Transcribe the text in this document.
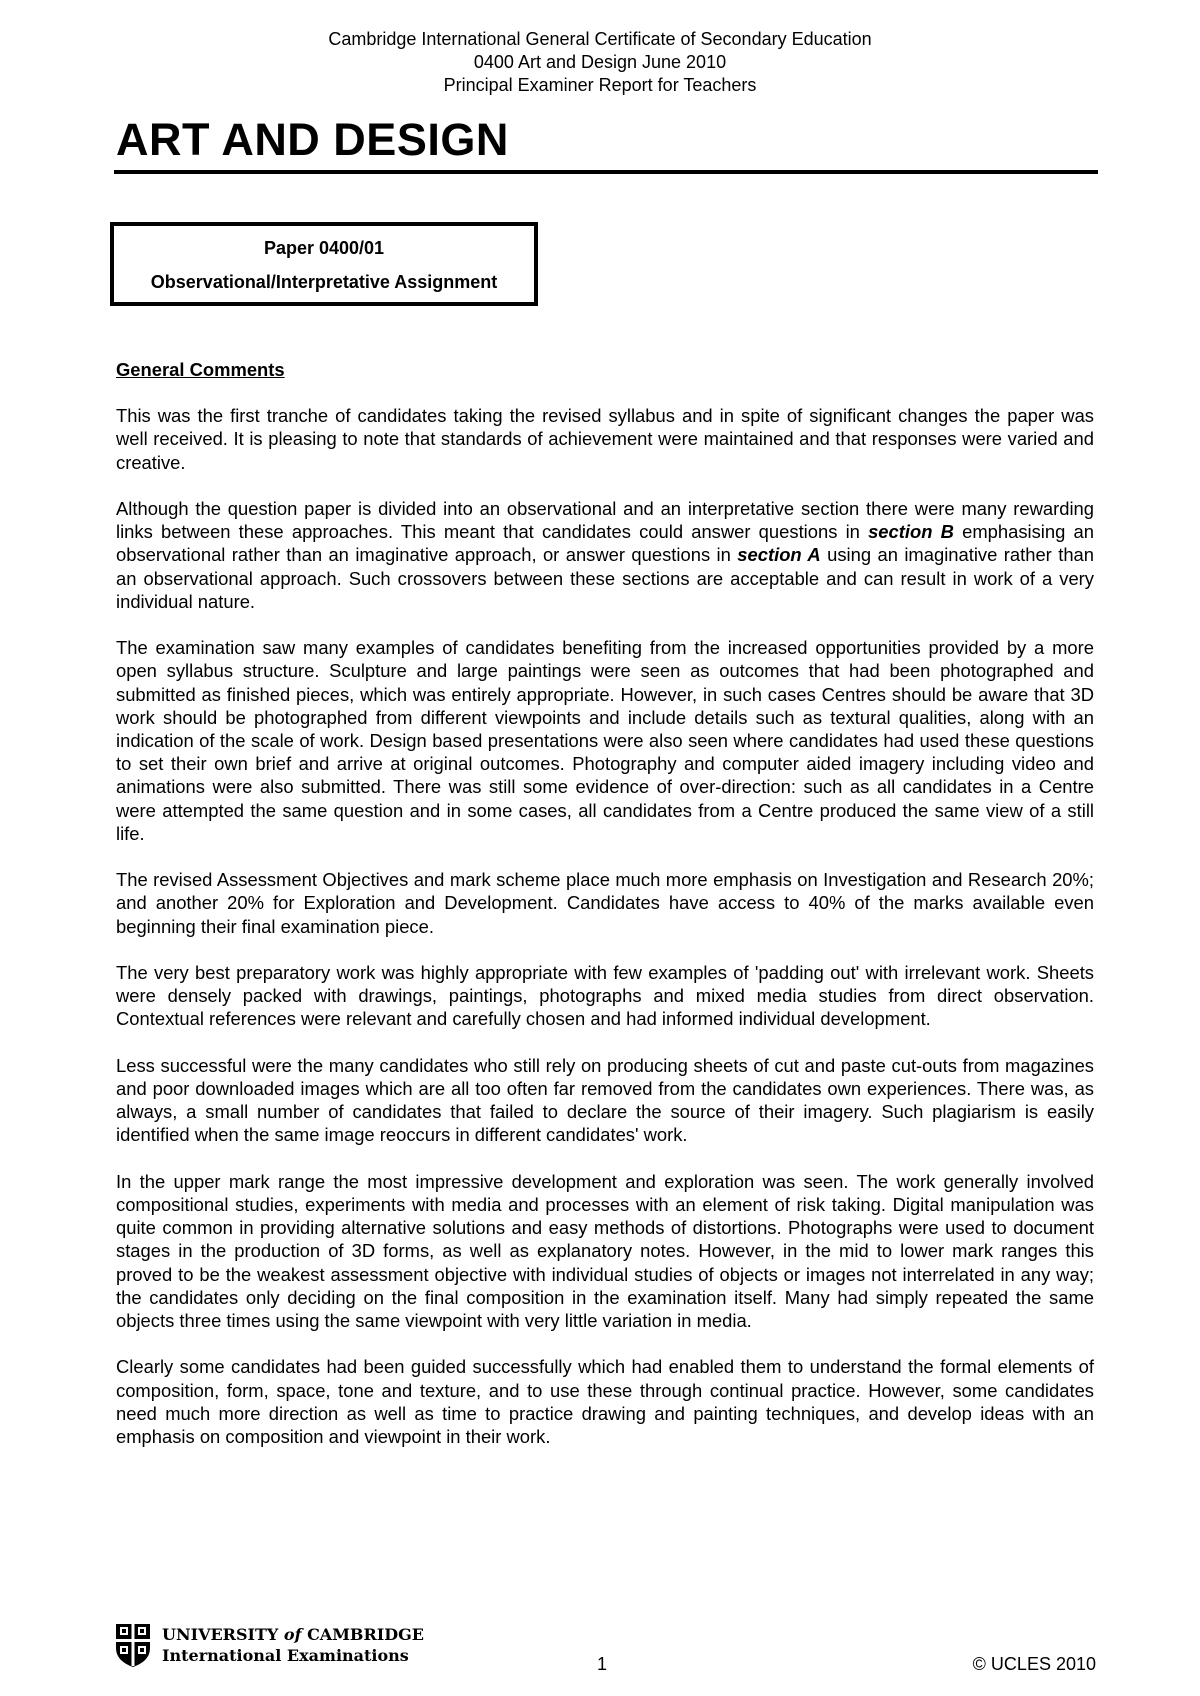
Cambridge International General Certificate of Secondary Education
0400 Art and Design June 2010
Principal Examiner Report for Teachers
ART AND DESIGN
Paper 0400/01
Observational/Interpretative Assignment
General Comments

This was the first tranche of candidates taking the revised syllabus and in spite of significant changes the paper was well received. It is pleasing to note that standards of achievement were maintained and that responses were varied and creative.

Although the question paper is divided into an observational and an interpretative section there were many rewarding links between these approaches. This meant that candidates could answer questions in section B emphasising an observational rather than an imaginative approach, or answer questions in section A using an imaginative rather than an observational approach. Such crossovers between these sections are acceptable and can result in work of a very individual nature.

The examination saw many examples of candidates benefiting from the increased opportunities provided by a more open syllabus structure. Sculpture and large paintings were seen as outcomes that had been photographed and submitted as finished pieces, which was entirely appropriate. However, in such cases Centres should be aware that 3D work should be photographed from different viewpoints and include details such as textural qualities, along with an indication of the scale of work. Design based presentations were also seen where candidates had used these questions to set their own brief and arrive at original outcomes. Photography and computer aided imagery including video and animations were also submitted. There was still some evidence of over-direction: such as all candidates in a Centre were attempted the same question and in some cases, all candidates from a Centre produced the same view of a still life.

The revised Assessment Objectives and mark scheme place much more emphasis on Investigation and Research 20%; and another 20% for Exploration and Development. Candidates have access to 40% of the marks available even beginning their final examination piece.

The very best preparatory work was highly appropriate with few examples of 'padding out' with irrelevant work. Sheets were densely packed with drawings, paintings, photographs and mixed media studies from direct observation. Contextual references were relevant and carefully chosen and had informed individual development.

Less successful were the many candidates who still rely on producing sheets of cut and paste cut-outs from magazines and poor downloaded images which are all too often far removed from the candidates own experiences. There was, as always, a small number of candidates that failed to declare the source of their imagery. Such plagiarism is easily identified when the same image reoccurs in different candidates' work.

In the upper mark range the most impressive development and exploration was seen. The work generally involved compositional studies, experiments with media and processes with an element of risk taking. Digital manipulation was quite common in providing alternative solutions and easy methods of distortions. Photographs were used to document stages in the production of 3D forms, as well as explanatory notes. However, in the mid to lower mark ranges this proved to be the weakest assessment objective with individual studies of objects or images not interrelated in any way; the candidates only deciding on the final composition in the examination itself. Many had simply repeated the same objects three times using the same viewpoint with very little variation in media.

Clearly some candidates had been guided successfully which had enabled them to understand the formal elements of composition, form, space, tone and texture, and to use these through continual practice. However, some candidates need much more direction as well as time to practice drawing and painting techniques, and develop ideas with an emphasis on composition and viewpoint in their work.

UNIVERSITY of CAMBRIDGE
International Examinations	1	© UCLES 2010
